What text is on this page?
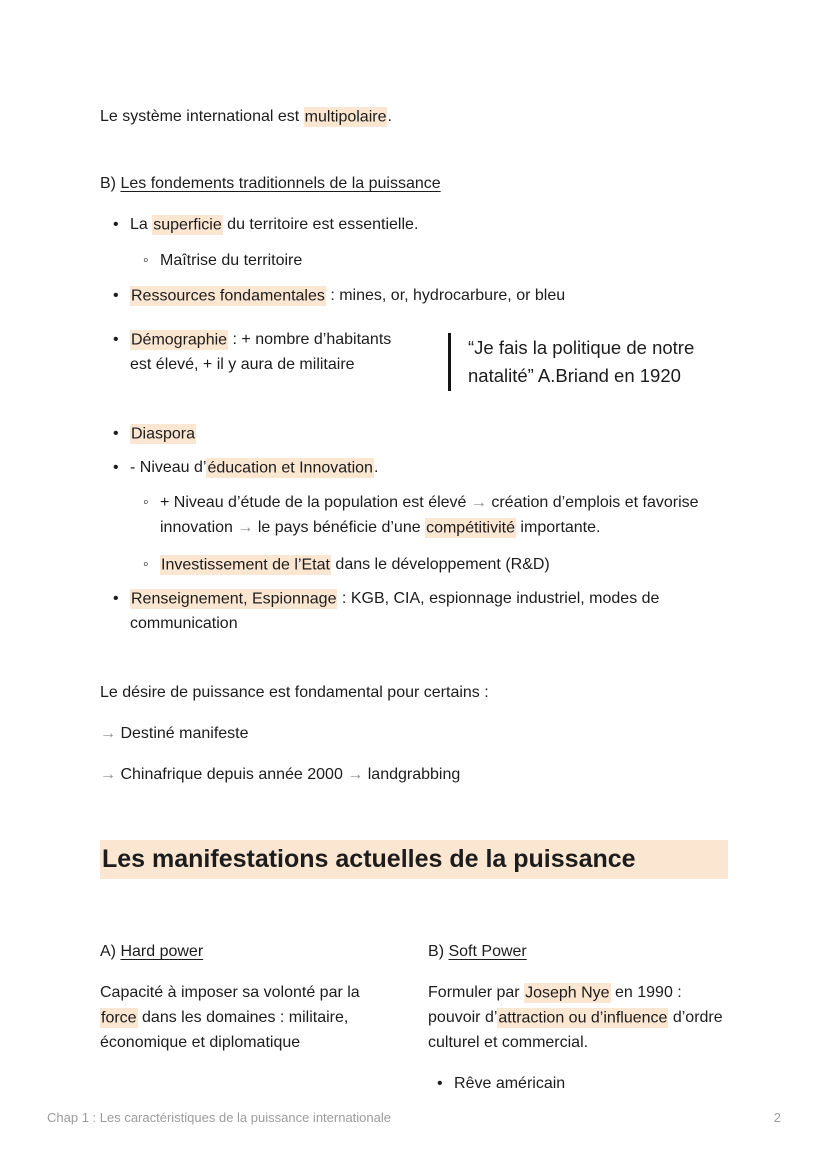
Le système international est multipolaire.

B) Les fondements traditionnels de la puissance

• La superficie du territoire est essentielle.
◦ Maîtrise du territoire
• Ressources fondamentales : mines, or, hydrocarbure, or bleu
• Démographie : + nombre d’habitants est élevé, + il y aura de militaire
“Je fais la politique de notre natalité” A.Briand en 1920
• Diaspora
• - Niveau d’éducation et Innovation.
◦ + Niveau d’étude de la population est élevé → création d’emplois et favorise innovation → le pays bénéficie d’une compétitivité importante.
◦ Investissement de l’Etat dans le développement (R&D)
• Renseignement, Espionnage : KGB, CIA, espionnage industriel, modes de communication

Le désire de puissance est fondamental pour certains :

→ Destiné manifeste

→ Chinafrique depuis année 2000 → landgrabbing

Les manifestations actuelles de la puissance

A) Hard power

Capacité à imposer sa volonté par la force dans les domaines : militaire, économique et diplomatique

B) Soft Power

Formuler par Joseph Nye en 1990 : pouvoir d’attraction ou d’influence d’ordre culturel et commercial.

• Rêve américain
Chap 1 : Les caractéristiques de la puissance internationale	2
